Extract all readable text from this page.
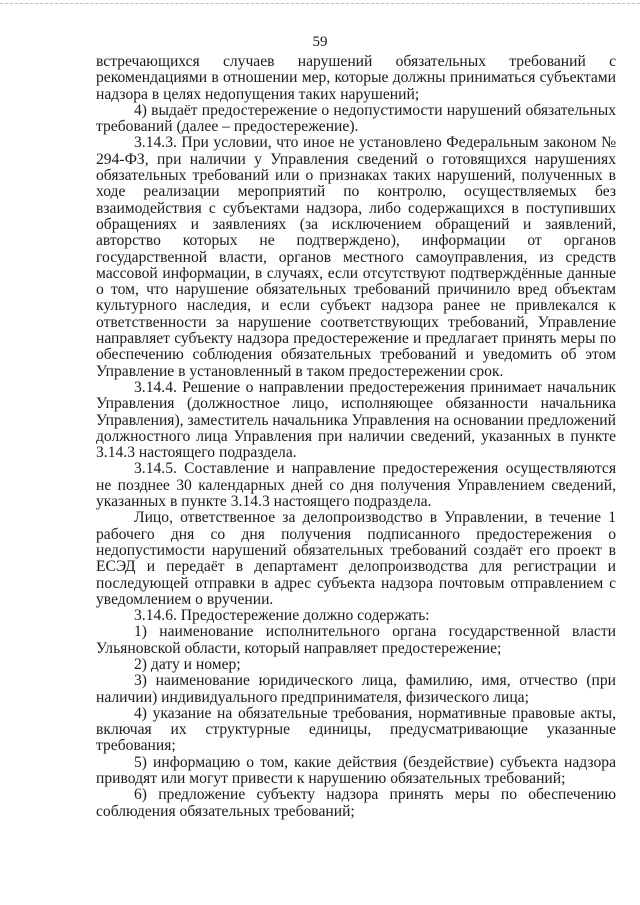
59

встречающихся случаев нарушений обязательных требований с рекомендациями в отношении мер, которые должны приниматься субъектами надзора в целях недопущения таких нарушений;

4) выдаёт предостережение о недопустимости нарушений обязательных требований (далее – предостережение).

3.14.3. При условии, что иное не установлено Федеральным законом № 294-ФЗ, при наличии у Управления сведений о готовящихся нарушениях обязательных требований или о признаках таких нарушений, полученных в ходе реализации мероприятий по контролю, осуществляемых без взаимодействия с субъектами надзора, либо содержащихся в поступивших обращениях и заявлениях (за исключением обращений и заявлений, авторство которых не подтверждено), информации от органов государственной власти, органов местного самоуправления, из средств массовой информации, в случаях, если отсутствуют подтверждённые данные о том, что нарушение обязательных требований причинило вред объектам культурного наследия, и если субъект надзора ранее не привлекался к ответственности за нарушение соответствующих требований, Управление направляет субъекту надзора предостережение и предлагает принять меры по обеспечению соблюдения обязательных требований и уведомить об этом Управление в установленный в таком предостережении срок.

3.14.4. Решение о направлении предостережения принимает начальник Управления (должностное лицо, исполняющее обязанности начальника Управления), заместитель начальника Управления на основании предложений должностного лица Управления при наличии сведений, указанных в пункте 3.14.3 настоящего подраздела.

3.14.5. Составление и направление предостережения осуществляются не позднее 30 календарных дней со дня получения Управлением сведений, указанных в пункте 3.14.3 настоящего подраздела.

Лицо, ответственное за делопроизводство в Управлении, в течение 1 рабочего дня со дня получения подписанного предостережения о недопустимости нарушений обязательных требований создаёт его проект в ЕСЭД и передаёт в департамент делопроизводства для регистрации и последующей отправки в адрес субъекта надзора почтовым отправлением с уведомлением о вручении.

3.14.6. Предостережение должно содержать:

1) наименование исполнительного органа государственной власти Ульяновской области, который направляет предостережение;

2) дату и номер;

3) наименование юридического лица, фамилию, имя, отчество (при наличии) индивидуального предпринимателя, физического лица;

4) указание на обязательные требования, нормативные правовые акты, включая их структурные единицы, предусматривающие указанные требования;

5) информацию о том, какие действия (бездействие) субъекта надзора приводят или могут привести к нарушению обязательных требований;

6) предложение субъекту надзора принять меры по обеспечению соблюдения обязательных требований;
